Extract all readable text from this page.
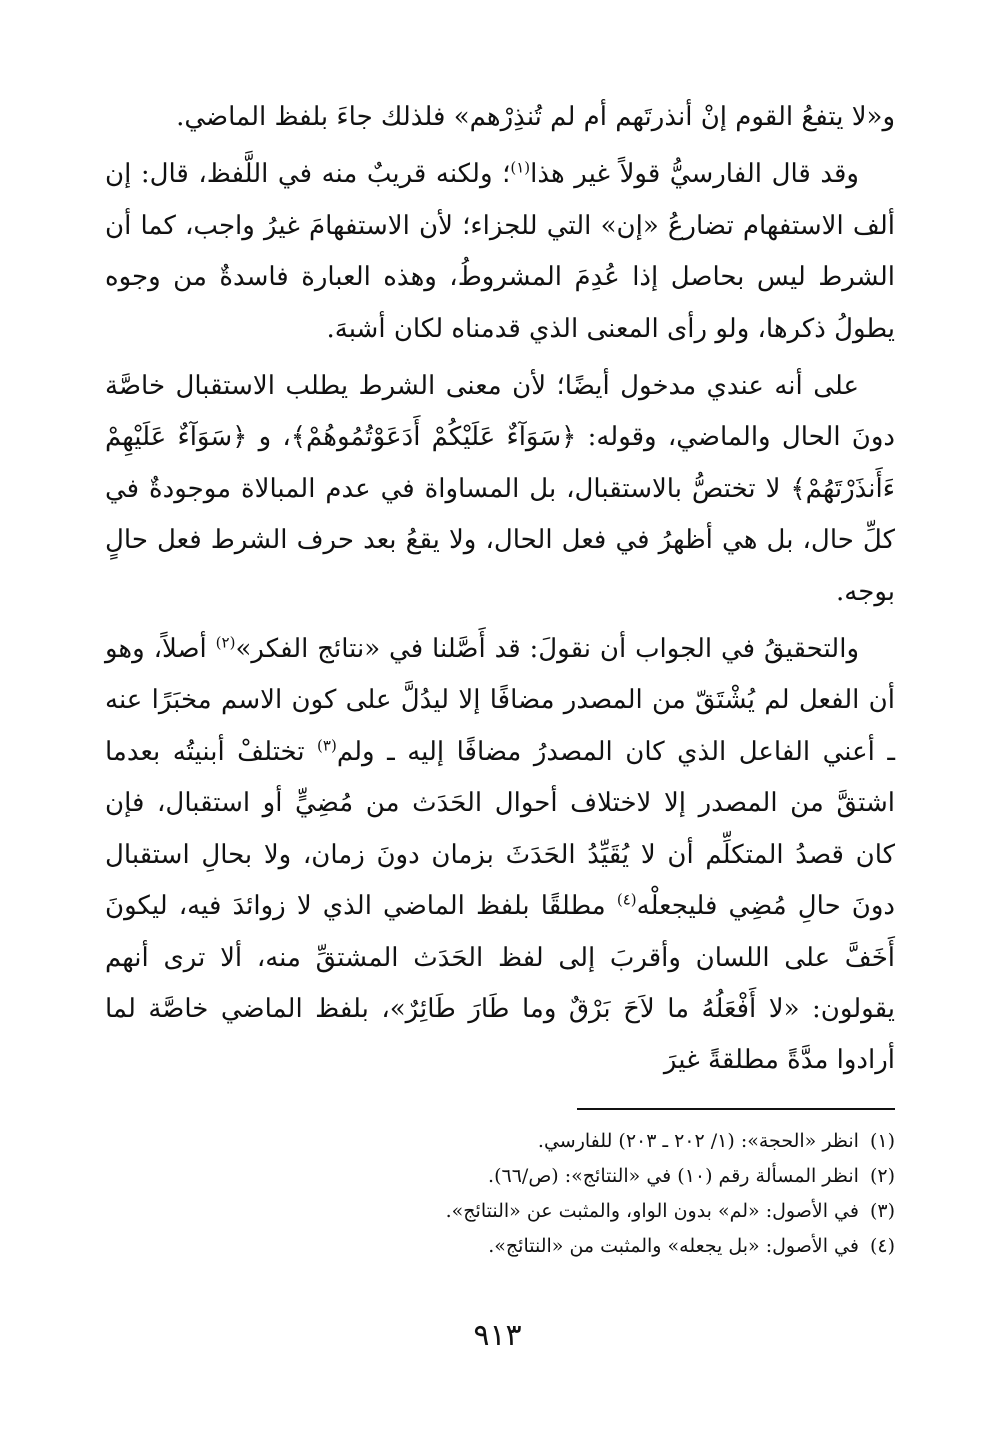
و«لا يتفعُ القوم إنْ أنذرتَهم أم لم تُنذِرْهم» فلذلك جاءَ بلفظ الماضي.

وقد قال الفارسيُّ قولاً غير هذا$^{(١)}$؛ ولكنه قريبٌ منه في اللَّفظ، قال: إن ألف الاستفهام تضارعُ «إن» التي للجزاء؛ لأن الاستفهامَ غيرُ واجب، كما أن الشرط ليس بحاصل إذا عُدِمَ المشروطُ، وهذه العبارة فاسدةٌ من وجوه يطولُ ذكرها، ولو رأى المعنى الذي قدمناه لكان أشبهَ.

على أنه عندي مدخول أيضًا؛ لأن معنى الشرط يطلب الاستقبال خاصَّة دونَ الحال والماضي، وقوله: ﴿سَوَآءٌ عَلَيْكُمْ أَدَعَوْتُمُوهُمْ﴾، و ﴿سَوَآءٌ عَلَيْهِمْ ءَأَنذَرْتَهُمْ﴾ لا تختصُّ بالاستقبال، بل المساواة في عدم المبالاة موجودةٌ في كلِّ حال، بل هي أظهرُ في فعل الحال، ولا يقعُ بعد حرف الشرط فعل حالٍ بوجه.

والتحقيقُ في الجواب أن نقولَ: قد أَصَّلنا في «نتائج الفكر»$^{(٢)}$ أصلاً، وهو أن الفعل لم يُشْتَقّ من المصدر مضافًا إلا ليدُلَّ على كون الاسم مخبَرًا عنه ـ أعني الفاعل الذي كان المصدرُ مضافًا إليه ـ ولم$^{(٣)}$ تختلفْ أبنيتُه بعدما اشتقَّ من المصدر إلا لاختلاف أحوال الحَدَث من مُضِيٍّ أو استقبال، فإن كان قصدُ المتكلِّم أن لا يُقَيِّدُ الحَدَثَ بزمان دونَ زمان، ولا بحالِ استقبال دونَ حالِ مُضِي فليجعلْه$^{(٤)}$ مطلقًا بلفظ الماضي الذي لا زوائدَ فيه، ليكونَ أَخَفَّ على اللسان وأقربَ إلى لفظ الحَدَث المشتقِّ منه، ألا ترى أنهم يقولون: «لا أَفْعَلُهُ ما لاَحَ بَرْقٌ وما طَارَ طَائِرٌ»، بلفظ الماضي خاصَّة لما أرادوا مدَّةً مطلقةً غيرَ

(١) انظر «الحجة»: (١/ ٢٠٢ ـ ٢٠٣) للفارسي.

(٢) انظر المسألة رقم (١٠) في «النتائج»: (ص/٦٦).

(٣) في الأصول: «لم» بدون الواو، والمثبت عن «النتائج».

(٤) في الأصول: «بل يجعله» والمثبت من «النتائج».

٩١٣
